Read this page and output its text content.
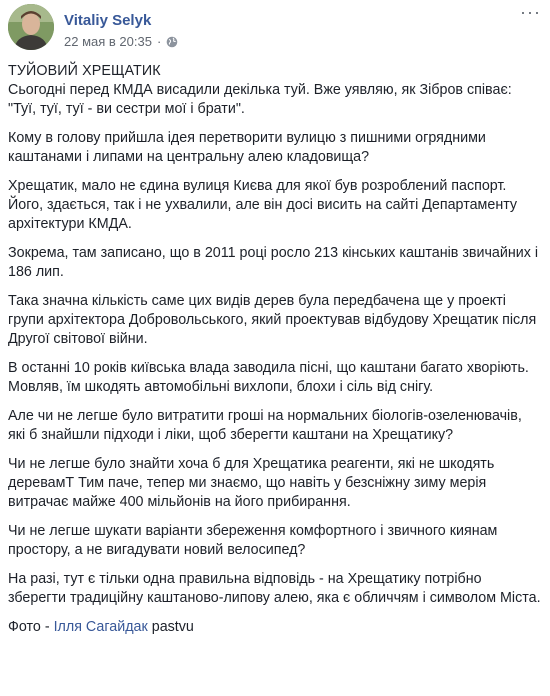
Vitaliy Selyk
22 мая в 20:35 ·
···
ТУЙОВИЙ ХРЕЩАТИК
Сьогодні перед КМДА висадили декілька туй. Вже уявляю, як Зібров співає: "Туї, туї, туї - ви сестри мої і брати".
Кому в голову прийшла ідея перетворити вулицю з пишними огрядними каштанами і липами на центральну алею кладовища?
Хрещатик, мало не єдина вулиця Києва для якої був розроблений паспорт. Його, здається, так і не ухвалили, але він досі висить на сайті Департаменту архітектури КМДА.
Зокрема, там записано, що в 2011 році росло 213 кінських каштанів звичайних і 186 лип.
Така значна кількість саме цих видів дерев була передбачена ще у проекті групи архітектора Добровольського, який проектував відбудову Хрещатик після Другої світової війни.
В останні 10 років київська влада заводила пісні, що каштани багато хворіють. Мовляв, їм шкодять автомобільні вихлопи, блохи і сіль від снігу.
Але чи не легше було витратити гроші на нормальних біологів-озеленювачів, які б знайшли підходи і ліки, щоб зберегти каштани на Хрещатику?
Чи не легше було знайти хоча б для Хрещатика реагенти, які не шкодять деревамТ Тим паче, тепер ми знаємо, що навіть у безсніжну зиму мерія витрачає майже 400 мільйонів на його прибирання.
Чи не легше шукати варіанти збереження комфортного і звичного киянам простору, а не вигадувати новий велосипед?
На разі, тут є тільки одна правильна відповідь - на Хрещатику потрібно зберегти традиційну каштаново-липову алею, яка є обличчям і символом Міста.
Фото - Ілля Сагайдак pastvu
